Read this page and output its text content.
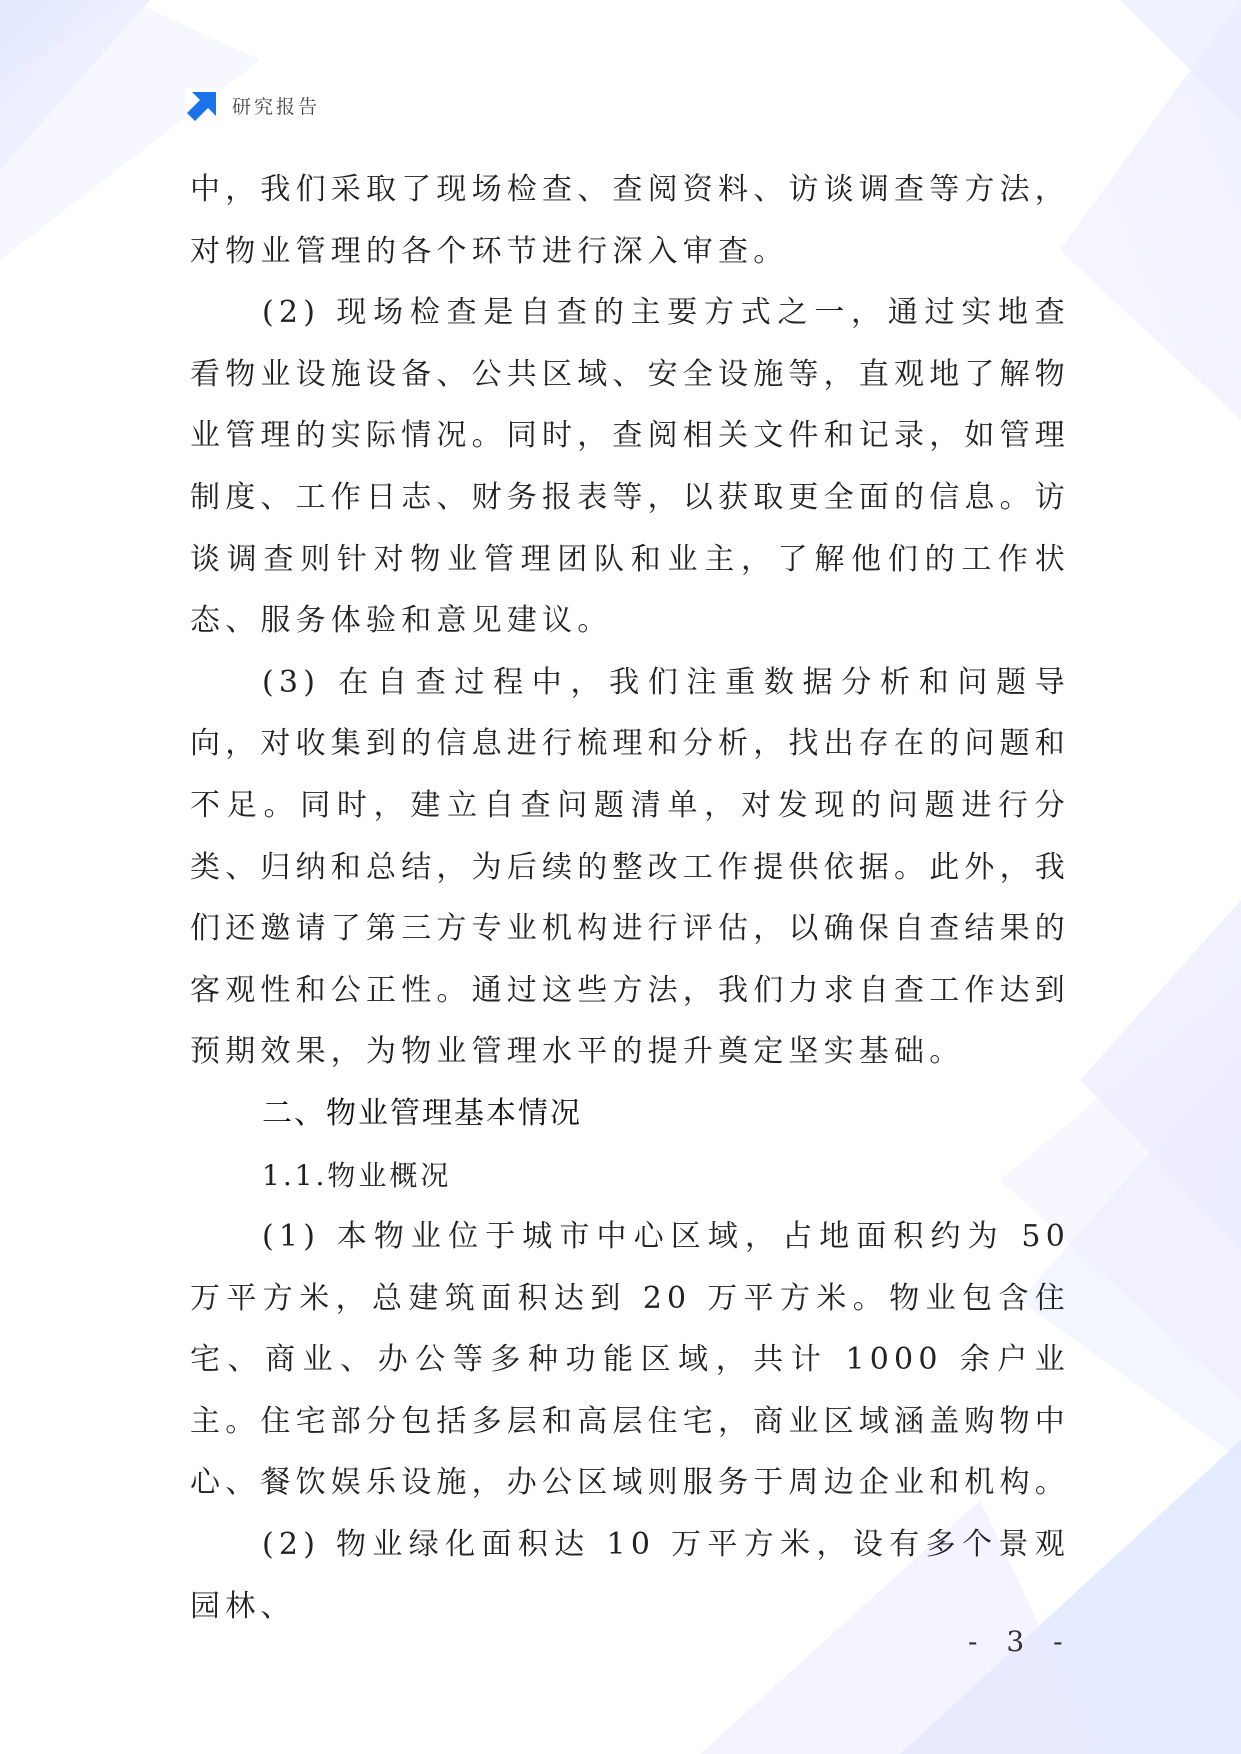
研究报告

中，我们采取了现场检查、查阅资料、访谈调查等方法，对物业管理的各个环节进行深入审查。

(2) 现场检查是自查的主要方式之一，通过实地查看物业设施设备、公共区域、安全设施等，直观地了解物业管理的实际情况。同时，查阅相关文件和记录，如管理制度、工作日志、财务报表等，以获取更全面的信息。访谈调查则针对物业管理团队和业主，了解他们的工作状态、服务体验和意见建议。

(3) 在自查过程中，我们注重数据分析和问题导向，对收集到的信息进行梳理和分析，找出存在的问题和不足。同时，建立自查问题清单，对发现的问题进行分类、归纳和总结，为后续的整改工作提供依据。此外，我们还邀请了第三方专业机构进行评估，以确保自查结果的客观性和公正性。通过这些方法，我们力求自查工作达到预期效果，为物业管理水平的提升奠定坚实基础。

二、物业管理基本情况

1.1.物业概况

(1) 本物业位于城市中心区域，占地面积约为 50 万平方米，总建筑面积达到 20 万平方米。物业包含住宅、商业、办公等多种功能区域，共计 1000 余户业主。住宅部分包括多层和高层住宅，商业区域涵盖购物中心、餐饮娱乐设施，办公区域则服务于周边企业和机构。

(2) 物业绿化面积达 10 万平方米，设有多个景观园林、

- 3 -
